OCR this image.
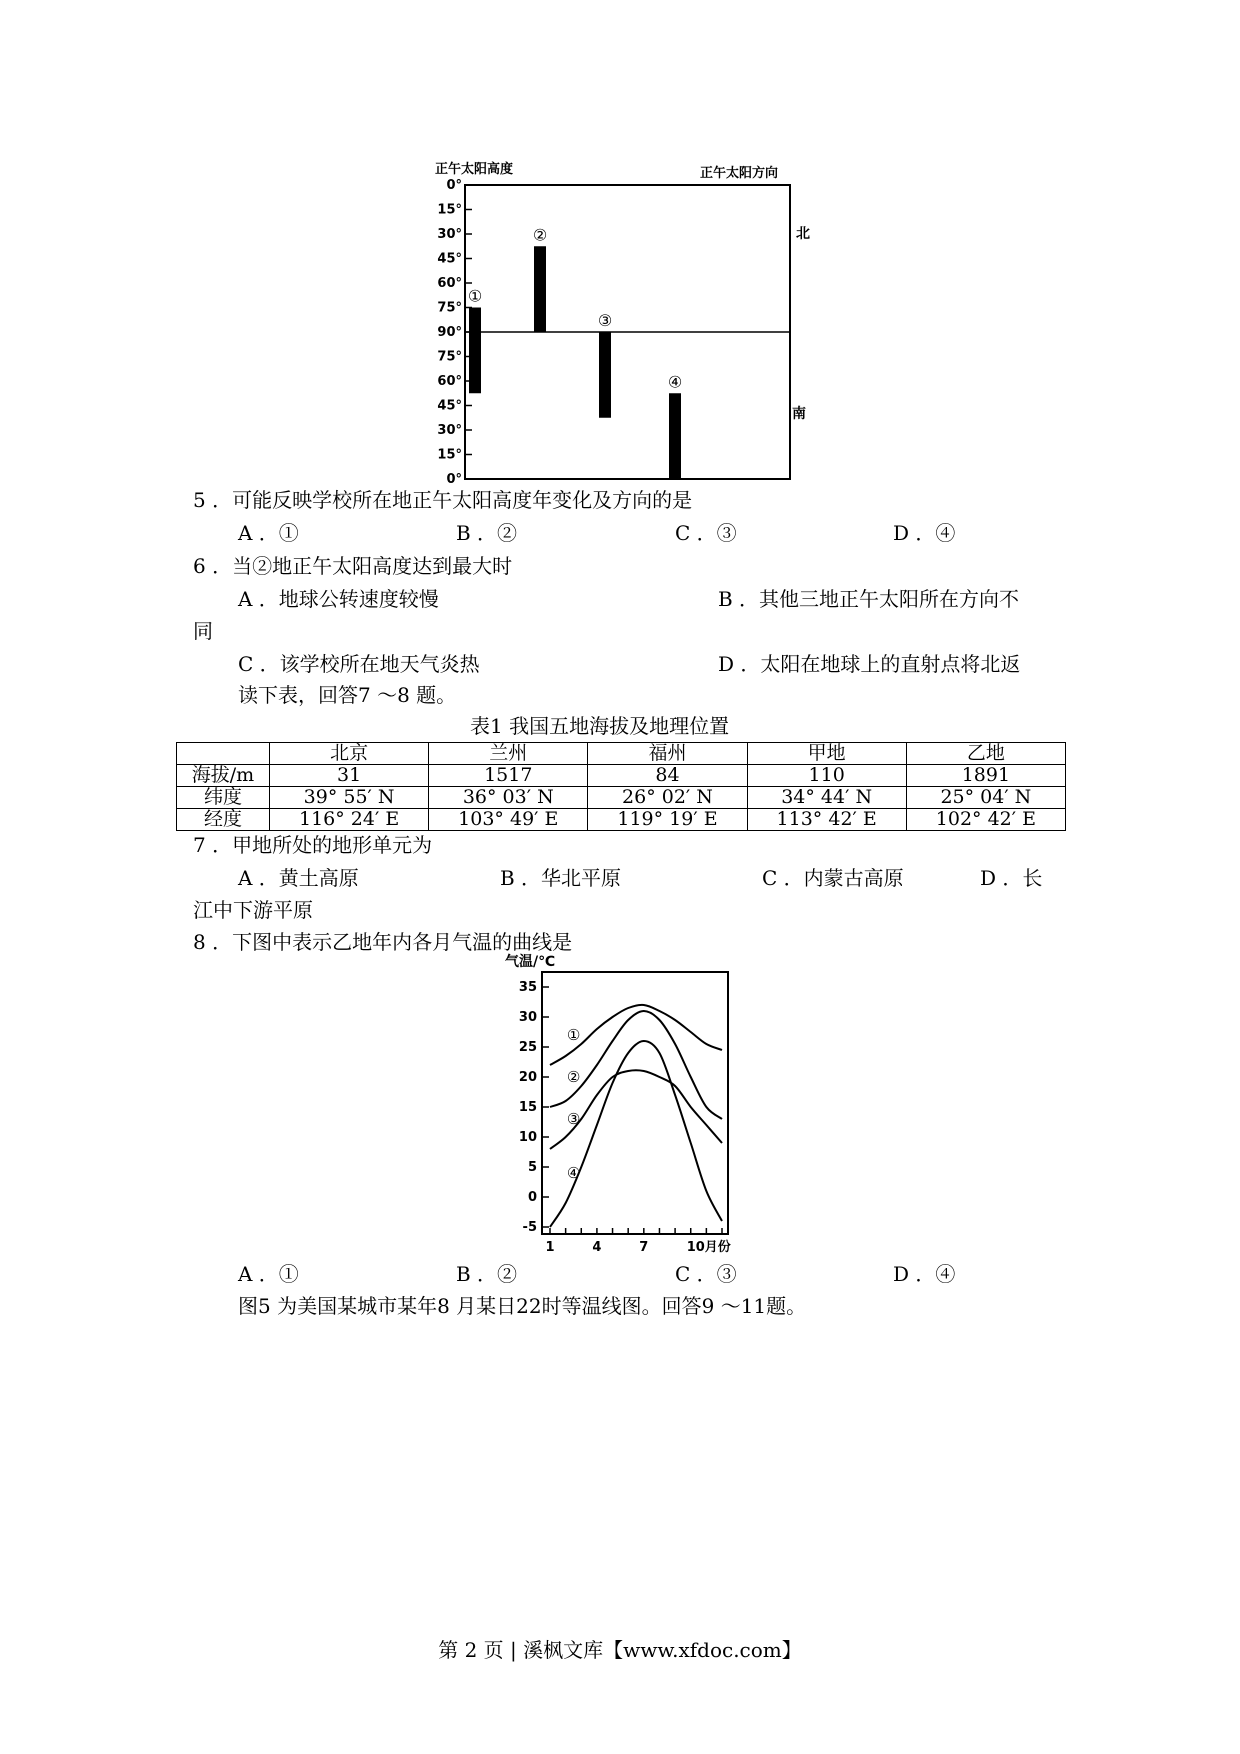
正午太阳高度	正午太阳方向
0°
15°
30°
45°
60°
75°
90°
75°
60°
45°
30°
15°
0°
①
②
③
④
北
南
5 ．可能反映学校所在地正午太阳高度年变化及方向的是
A ．①	B ．②	C ．③	D ．④
6 ．当②地正午太阳高度达到最大时
A ．地球公转速度较慢	B ．其他三地正午太阳所在方向不
同
C ．该学校所在地天气炎热	D ．太阳在地球上的直射点将北返
读下表，回答7 ～8 题。
表1 我国五地海拔及地理位置
	北京	兰州	福州	甲地	乙地
海拔/m	31	1517	84	110	1891
纬度	39° 55′ N	36° 03′ N	26° 02′ N	34° 44′ N	25° 04′ N
经度	116° 24′ E	103° 49′ E	119° 19′ E	113° 42′ E	102° 42′ E
7 ．甲地所处的地形单元为
A ．黄土高原	B ．华北平原	C ．内蒙古高原	D ．长
江中下游平原
8 ．下图中表示乙地年内各月气温的曲线是
气温/℃
35
30
25
20
15
10
5
0
-5
1	4	7	10月份
①
②
③
④
A ．①	B ．②	C ．③	D ．④
图5 为美国某城市某年8 月某日22时等温线图。回答9 ～11题。
第 2 页 | 溪枫文库【www.xfdoc.com】
